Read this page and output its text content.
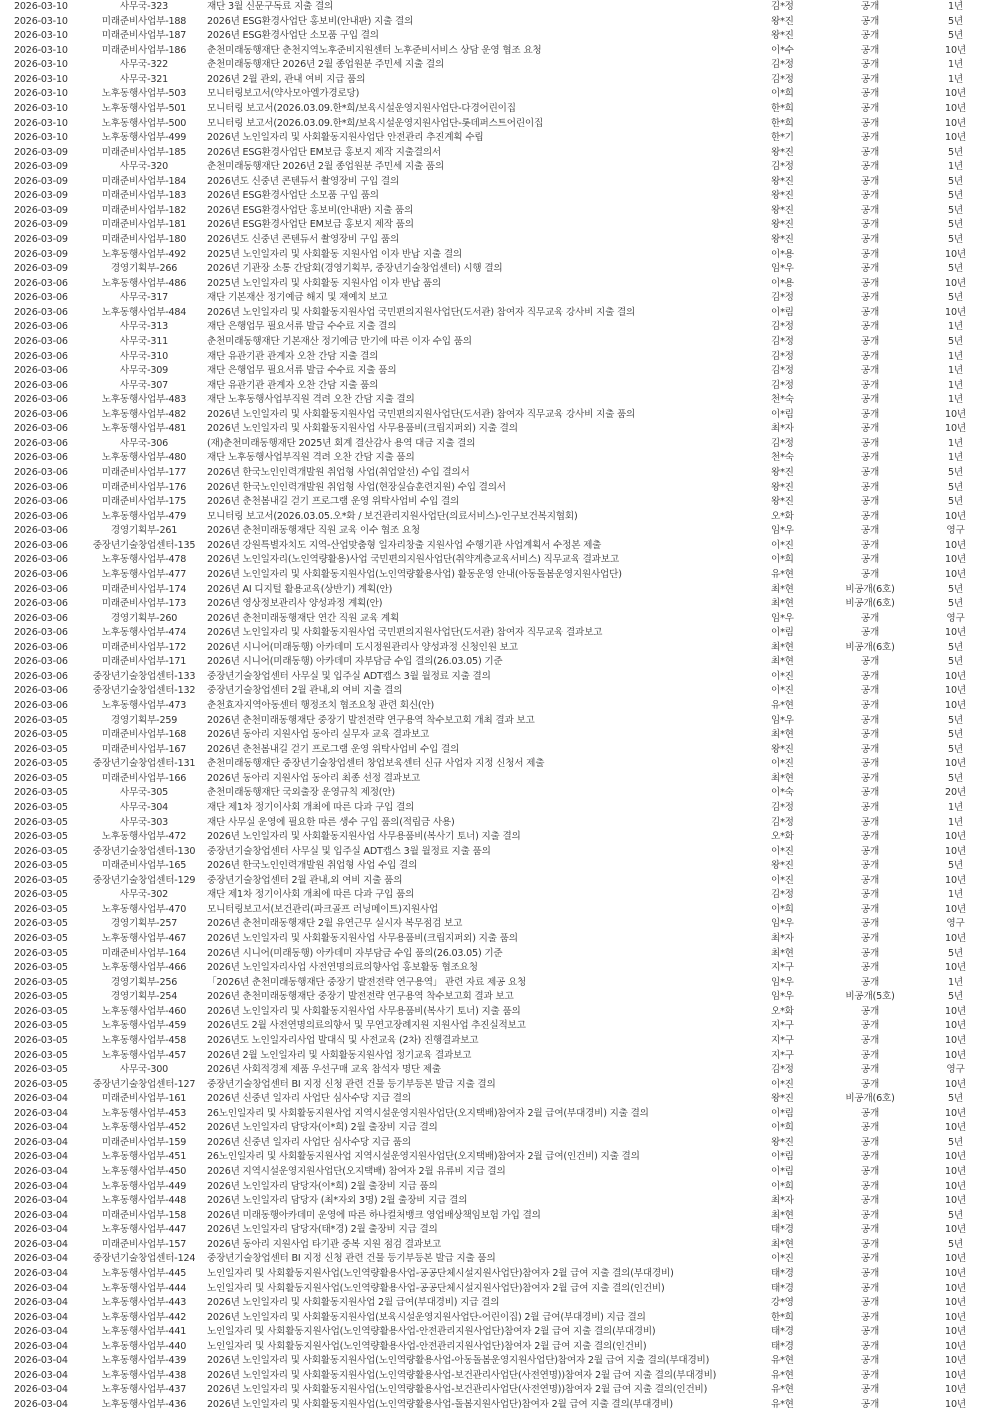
2026-03-10	사무국-323	재단 3월 신문구독료 지출 결의	김*정	공개	1년
2026-03-10	미래준비사업부-188	2026년 ESG환경사업단 홍보비(안내판) 지출 결의	왕*진	공개	5년
2026-03-10	미래준비사업부-187	2026년 ESG환경사업단 소모품 구입 결의	왕*진	공개	5년
2026-03-10	미래준비사업부-186	춘천미래동행재단 춘천지역노후준비지원센터 노후준비서비스 상담 운영 협조 요청	이*수	공개	10년
2026-03-10	사무국-322	춘천미래동행재단 2026년 2월 종업원분 주민세 지출 결의	김*정	공개	1년
2026-03-10	사무국-321	2026년 2월 관외, 관내 여비 지급 품의	김*정	공개	1년
2026-03-10	노후동행사업부-503	모니터링보고서(약사모아엘가경로당)	이*희	공개	10년
2026-03-10	노후동행사업부-501	모니터링 보고서(2026.03.09.한*희/보육시설운영지원사업단-다경어린이집	한*희	공개	10년
2026-03-10	노후동행사업부-500	모니터링 보고서(2026.03.09.한*희/보육시설운영지원사업단-롯데퍼스트어린이집	한*희	공개	10년
2026-03-10	노후동행사업부-499	2026년 노인일자리 및 사회활동지원사업단 안전관리 추진계획 수립	한*기	공개	10년
2026-03-09	미래준비사업부-185	2026년 ESG환경사업단 EM보급 홍보지 제작 지출결의서	왕*진	공개	5년
2026-03-09	사무국-320	춘천미래동행재단 2026년 2월 종업원분 주민세 지출 품의	김*정	공개	1년
2026-03-09	미래준비사업부-184	2026년도 신중년 콘텐듀서 촬영장비 구입 결의	왕*진	공개	5년
2026-03-09	미래준비사업부-183	2026년 ESG환경사업단 소모품 구입 품의	왕*진	공개	5년
2026-03-09	미래준비사업부-182	2026년 ESG환경사업단 홍보비(안내판) 지출 품의	왕*진	공개	5년
2026-03-09	미래준비사업부-181	2026년 ESG환경사업단 EM보급 홍보지 제작 품의	왕*진	공개	5년
2026-03-09	미래준비사업부-180	2026년도 신중년 콘텐듀서 촬영장비 구입 품의	왕*진	공개	5년
2026-03-09	노후동행사업부-492	2025년 노인일자리 및 사회활동 지원사업 이자 반납 지출 결의	이*용	공개	10년
2026-03-09	경영기획부-266	2026년 기관장 소통 간담회(경영기획부, 중장년기술창업센터) 시행 결의	임*우	공개	5년
2026-03-06	노후동행사업부-486	2025년 노인일자리 및 사회활동 지원사업 이자 반납 품의	이*용	공개	10년
2026-03-06	사무국-317	재단 기본재산 정기예금 해지 및 재예치 보고	김*정	공개	5년
2026-03-06	노후동행사업부-484	2026년 노인일자리 및 사회활동지원사업 국민편의지원사업단(도서관) 참여자 직무교육 강사비 지출 결의	이*림	공개	10년
2026-03-06	사무국-313	재단 은행업무 필요서류 발급 수수료 지출 결의	김*정	공개	1년
2026-03-06	사무국-311	춘천미래동행재단 기본재산 정기예금 만기에 따른 이자 수입 품의	김*정	공개	5년
2026-03-06	사무국-310	재단 유관기관 관계자 오찬 간담 지출 결의	김*정	공개	1년
2026-03-06	사무국-309	재단 은행업무 필요서류 발급 수수료 지출 품의	김*정	공개	1년
2026-03-06	사무국-307	재단 유관기관 관계자 오찬 간담 지출 품의	김*정	공개	1년
2026-03-06	노후동행사업부-483	재단 노후동행사업부직원 격려 오찬 간담 지출 결의	천*숙	공개	1년
2026-03-06	노후동행사업부-482	2026년 노인일자리 및 사회활동지원사업 국민편의지원사업단(도서관) 참여자 직무교육 강사비 지출 품의	이*림	공개	10년
2026-03-06	노후동행사업부-481	2026년 노인일자리 및 사회활동지원사업 사무용품비(크립지퍼외) 지출 결의	최*자	공개	10년
2026-03-06	사무국-306	(재)춘천미래동행재단 2025년 회계 결산감사 용역 대금 지출 결의	김*정	공개	1년
2026-03-06	노후동행사업부-480	재단 노후동행사업부직원 격려 오찬 간담 지출 품의	천*숙	공개	1년
2026-03-06	미래준비사업부-177	2026년 한국노인인력개발원 취업형 사업(취업알선) 수입 결의서	왕*진	공개	5년
2026-03-06	미래준비사업부-176	2026년 한국노인인력개발원 취업형 사업(현장실습훈련지원) 수입 결의서	왕*진	공개	5년
2026-03-06	미래준비사업부-175	2026년 춘천봄내길 걷기 프로그램 운영 위탁사업비 수입 결의	왕*진	공개	5년
2026-03-06	노후동행사업부-479	모니터링 보고서(2026.03.05.오*화 / 보건관리지원사업단(의료서비스)-인구보건복지협회)	오*화	공개	10년
2026-03-06	경영기획부-261	2026년 춘천미래동행재단 직원 교육 이수 협조 요청	임*우	공개	영구
2026-03-06	중장년기술창업센터-135	2026년 강원특별자치도 지역-산업맞춤형 일자리창출 지원사업 수행기관 사업계획서 수정본 제출	이*진	공개	10년
2026-03-06	노후동행사업부-478	2026년 노인일자리(노인역량활용)사업 국민편의지원사업단(취약계층교육서비스) 직무교육 결과보고	이*희	공개	10년
2026-03-06	노후동행사업부-477	2026년 노인일자리 및 사회활동지원사업(노인역량활용사업) 활동운영 안내(아동돌봄운영지원사업단)	유*현	공개	10년
2026-03-06	미래준비사업부-174	2026년 AI 디지털 활용교육(상반기) 계획(안)	최*현	비공개(6호)	5년
2026-03-06	미래준비사업부-173	2026년 영상정보관리사 양성과정 계획(안)	최*현	비공개(6호)	5년
2026-03-06	경영기획부-260	2026년 춘천미래동행재단 연간 직원 교육 계획	임*우	공개	영구
2026-03-06	노후동행사업부-474	2026년 노인일자리 및 사회활동지원사업 국민편의지원사업단(도서관) 참여자 직무교육 결과보고	이*림	공개	10년
2026-03-06	미래준비사업부-172	2026년 시니어(미래동행) 아카데미 도시정원관리사 양성과정 신청인원 보고	최*현	비공개(6호)	5년
2026-03-06	미래준비사업부-171	2026년 시니어(미래동행) 아카데미 자부담금 수입 결의(26.03.05) 기준	최*현	공개	5년
2026-03-06	중장년기술창업센터-133	중장년기술창업센터 사무실 및 입주실 ADT캡스 3월 월정료 지출 결의	이*진	공개	10년
2026-03-06	중장년기술창업센터-132	중장년기술창업센터 2월 관내,외 여비 지출 결의	이*진	공개	10년
2026-03-06	노후동행사업부-473	춘천효자지역아동센터 행정조치 협조요청 관련 회신(안)	유*현	공개	10년
2026-03-05	경영기획부-259	2026년 춘천미래동행재단 중장기 발전전략 연구용역 착수보고회 개최 결과 보고	임*우	공개	5년
2026-03-05	미래준비사업부-168	2026년 동아리 지원사업 동아리 실무자 교육 결과보고	최*현	공개	5년
2026-03-05	미래준비사업부-167	2026년 춘천봄내길 걷기 프로그램 운영 위탁사업비 수입 결의	왕*진	공개	5년
2026-03-05	중장년기술창업센터-131	춘천미래동행재단 중장년기술창업센터 창업보육센터 신규 사업자 지정 신청서 제출	이*진	공개	10년
2026-03-05	미래준비사업부-166	2026년 동아리 지원사업 동아리 최종 선정 결과보고	최*현	공개	5년
2026-03-05	사무국-305	춘천미래동행재단 국외출장 운영규칙 제정(안)	이*숙	공개	20년
2026-03-05	사무국-304	재단 제1차 정기이사회 개최에 따른 다과 구입 결의	김*정	공개	1년
2026-03-05	사무국-303	재단 사무실 운영에 필요한 따른 생수 구입 품의(적립금 사용)	김*정	공개	1년
2026-03-05	노후동행사업부-472	2026년 노인일자리 및 사회활동지원사업 사무용품비(복사기 토너) 지출 결의	오*화	공개	10년
2026-03-05	중장년기술창업센터-130	중장년기술창업센터 사무실 및 입주실 ADT캡스 3월 월정료 지출 품의	이*진	공개	10년
2026-03-05	미래준비사업부-165	2026년 한국노인인력개발원 취업형 사업 수입 결의	왕*진	공개	5년
2026-03-05	중장년기술창업센터-129	중장년기술창업센터 2월 관내,외 여비 지출 품의	이*진	공개	10년
2026-03-05	사무국-302	재단 제1차 정기이사회 개최에 따른 다과 구입 품의	김*정	공개	1년
2026-03-05	노후동행사업부-470	모니터링보고서(보건관리(파크골프 러닝메이트)지원사업	이*희	공개	10년
2026-03-05	경영기획부-257	2026년 춘천미래동행재단 2월 유연근무 실시자 복무점검 보고	임*우	공개	영구
2026-03-05	노후동행사업부-467	2026년 노인일자리 및 사회활동지원사업 사무용품비(크립지퍼외) 지출 품의	최*자	공개	10년
2026-03-05	미래준비사업부-164	2026년 시니어(미래동행) 아카데미 자부담금 수입 품의(26.03.05) 기준	최*현	공개	5년
2026-03-05	노후동행사업부-466	2026년 노인일자리사업 사전연명의료의향사업 홍보활동 협조요청	지*구	공개	10년
2026-03-05	경영기획부-256	「2026년 춘천미래동행재단 중장기 발전전략 연구용역」 관련 자료 제공 요청	임*우	공개	1년
2026-03-05	경영기획부-254	2026년 춘천미래동행재단 중장기 발전전략 연구용역 착수보고회 결과 보고	임*우	비공개(5호)	5년
2026-03-05	노후동행사업부-460	2026년 노인일자리 및 사회활동지원사업 사무용품비(복사기 토너) 지출 품의	오*화	공개	10년
2026-03-05	노후동행사업부-459	2026년도 2월 사전연명의료의향서 및 무연고장례지원 지원사업 추진실적보고	지*구	공개	10년
2026-03-05	노후동행사업부-458	2026년도 노인일자리사업 발대식 및 사전교육 (2차) 진행결과보고	지*구	공개	10년
2026-03-05	노후동행사업부-457	2026년 2월 노인일자리 및 사회활동지원사업 정기교육 결과보고	지*구	공개	10년
2026-03-05	사무국-300	2026년 사회적경제 제품 우선구매 교육 참석자 명단 제출	김*정	공개	영구
2026-03-05	중장년기술창업센터-127	중장년기술창업센터 BI 지정 신청 관련 건물 등기부등본 발급 지출 결의	이*진	공개	10년
2026-03-04	미래준비사업부-161	2026년 신중년 일자리 사업단 심사수당 지급 결의	왕*진	비공개(6호)	5년
2026-03-04	노후동행사업부-453	26노인일자리 및 사회활동지원사업 지역시설운영지원사업단(오지택배)참여자 2월 급여(부대경비) 지출 결의	이*림	공개	10년
2026-03-04	노후동행사업부-452	2026년 노인일자리 담당자(이*희) 2월 출장비 지급 결의	이*희	공개	10년
2026-03-04	미래준비사업부-159	2026년 신중년 일자리 사업단 심사수당 지급 품의	왕*진	공개	5년
2026-03-04	노후동행사업부-451	26노인일자리 및 사회활동지원사업 지역시설운영지원사업단(오지택배)참여자 2월 급여(인건비) 지출 결의	이*림	공개	10년
2026-03-04	노후동행사업부-450	2026년 지역시설운영지원사업단(오지택배) 참여자 2월 유류비 지급 결의	이*림	공개	10년
2026-03-04	노후동행사업부-449	2026년 노인일자리 담당자(이*희) 2월 출장비 지급 품의	이*희	공개	10년
2026-03-04	노후동행사업부-448	2026년 노인일자리 담당자 (최*자외 3명) 2월 출장비 지급 결의	최*자	공개	10년
2026-03-04	미래준비사업부-158	2026년 미래동행아카데미 운영에 따른 하나컬처뱅크 영업배상책임보험 가입 결의	최*현	공개	5년
2026-03-04	노후동행사업부-447	2026년 노인일자리 담당자(태*경) 2월 출장비 지급 결의	태*경	공개	10년
2026-03-04	미래준비사업부-157	2026년 동아리 지원사업 타기관 중복 지원 점검 결과보고	최*현	공개	5년
2026-03-04	중장년기술창업센터-124	중장년기술창업센터 BI 지정 신청 관련 건물 등기부등본 발급 지출 품의	이*진	공개	10년
2026-03-04	노후동행사업부-445	노인일자리 및 사회활동지원사업(노인역량활용사업-공공단체시설지원사업단)참여자 2월 급여 지출 결의(부대경비)	태*경	공개	10년
2026-03-04	노후동행사업부-444	노인일자리 및 사회활동지원사업(노인역량활용사업-공공단체시설지원사업단)참여자 2월 급여 지출 결의(인건비)	태*경	공개	10년
2026-03-04	노후동행사업부-443	2026년 노인일자리 및 사회활동지원사업 2월 급여(부대경비) 지급 결의	강*영	공개	10년
2026-03-04	노후동행사업부-442	2026년 노인일자리 및 사회활동지원사업(보육시설운영지원사업단-어린이집) 2월 급여(부대경비) 지급 결의	한*희	공개	10년
2026-03-04	노후동행사업부-441	노인일자리 및 사회활동지원사업(노인역량활용사업-안전관리지원사업단)참여자 2월 급여 지출 결의(부대경비)	태*경	공개	10년
2026-03-04	노후동행사업부-440	노인일자리 및 사회활동지원사업(노인역량활용사업-안전관리지원사업단)참여자 2월 급여 지출 결의(인건비)	태*경	공개	10년
2026-03-04	노후동행사업부-439	2026년 노인일자리 및 사회활동지원사업(노인역량활용사업-아동돌봄운영지원사업단)참여자 2월 급여 지출 결의(부대경비)	유*현	공개	10년
2026-03-04	노후동행사업부-438	2026년 노인일자리 및 사회활동지원사업(노인역량활용사업-보건관리사업단(사전연명))참여자 2월 급여 지출 결의(부대경비)	유*현	공개	10년
2026-03-04	노후동행사업부-437	2026년 노인일자리 및 사회활동지원사업(노인역량활용사업-보건관리사업단(사전연명))참여자 2월 급여 지출 결의(인건비)	유*현	공개	10년
2026-03-04	노후동행사업부-436	2026년 노인일자리 및 사회활동지원사업(노인역량활용사업-돌봄지원사업단)참여자 2월 급여 지출 결의(부대경비)	유*현	공개	10년
